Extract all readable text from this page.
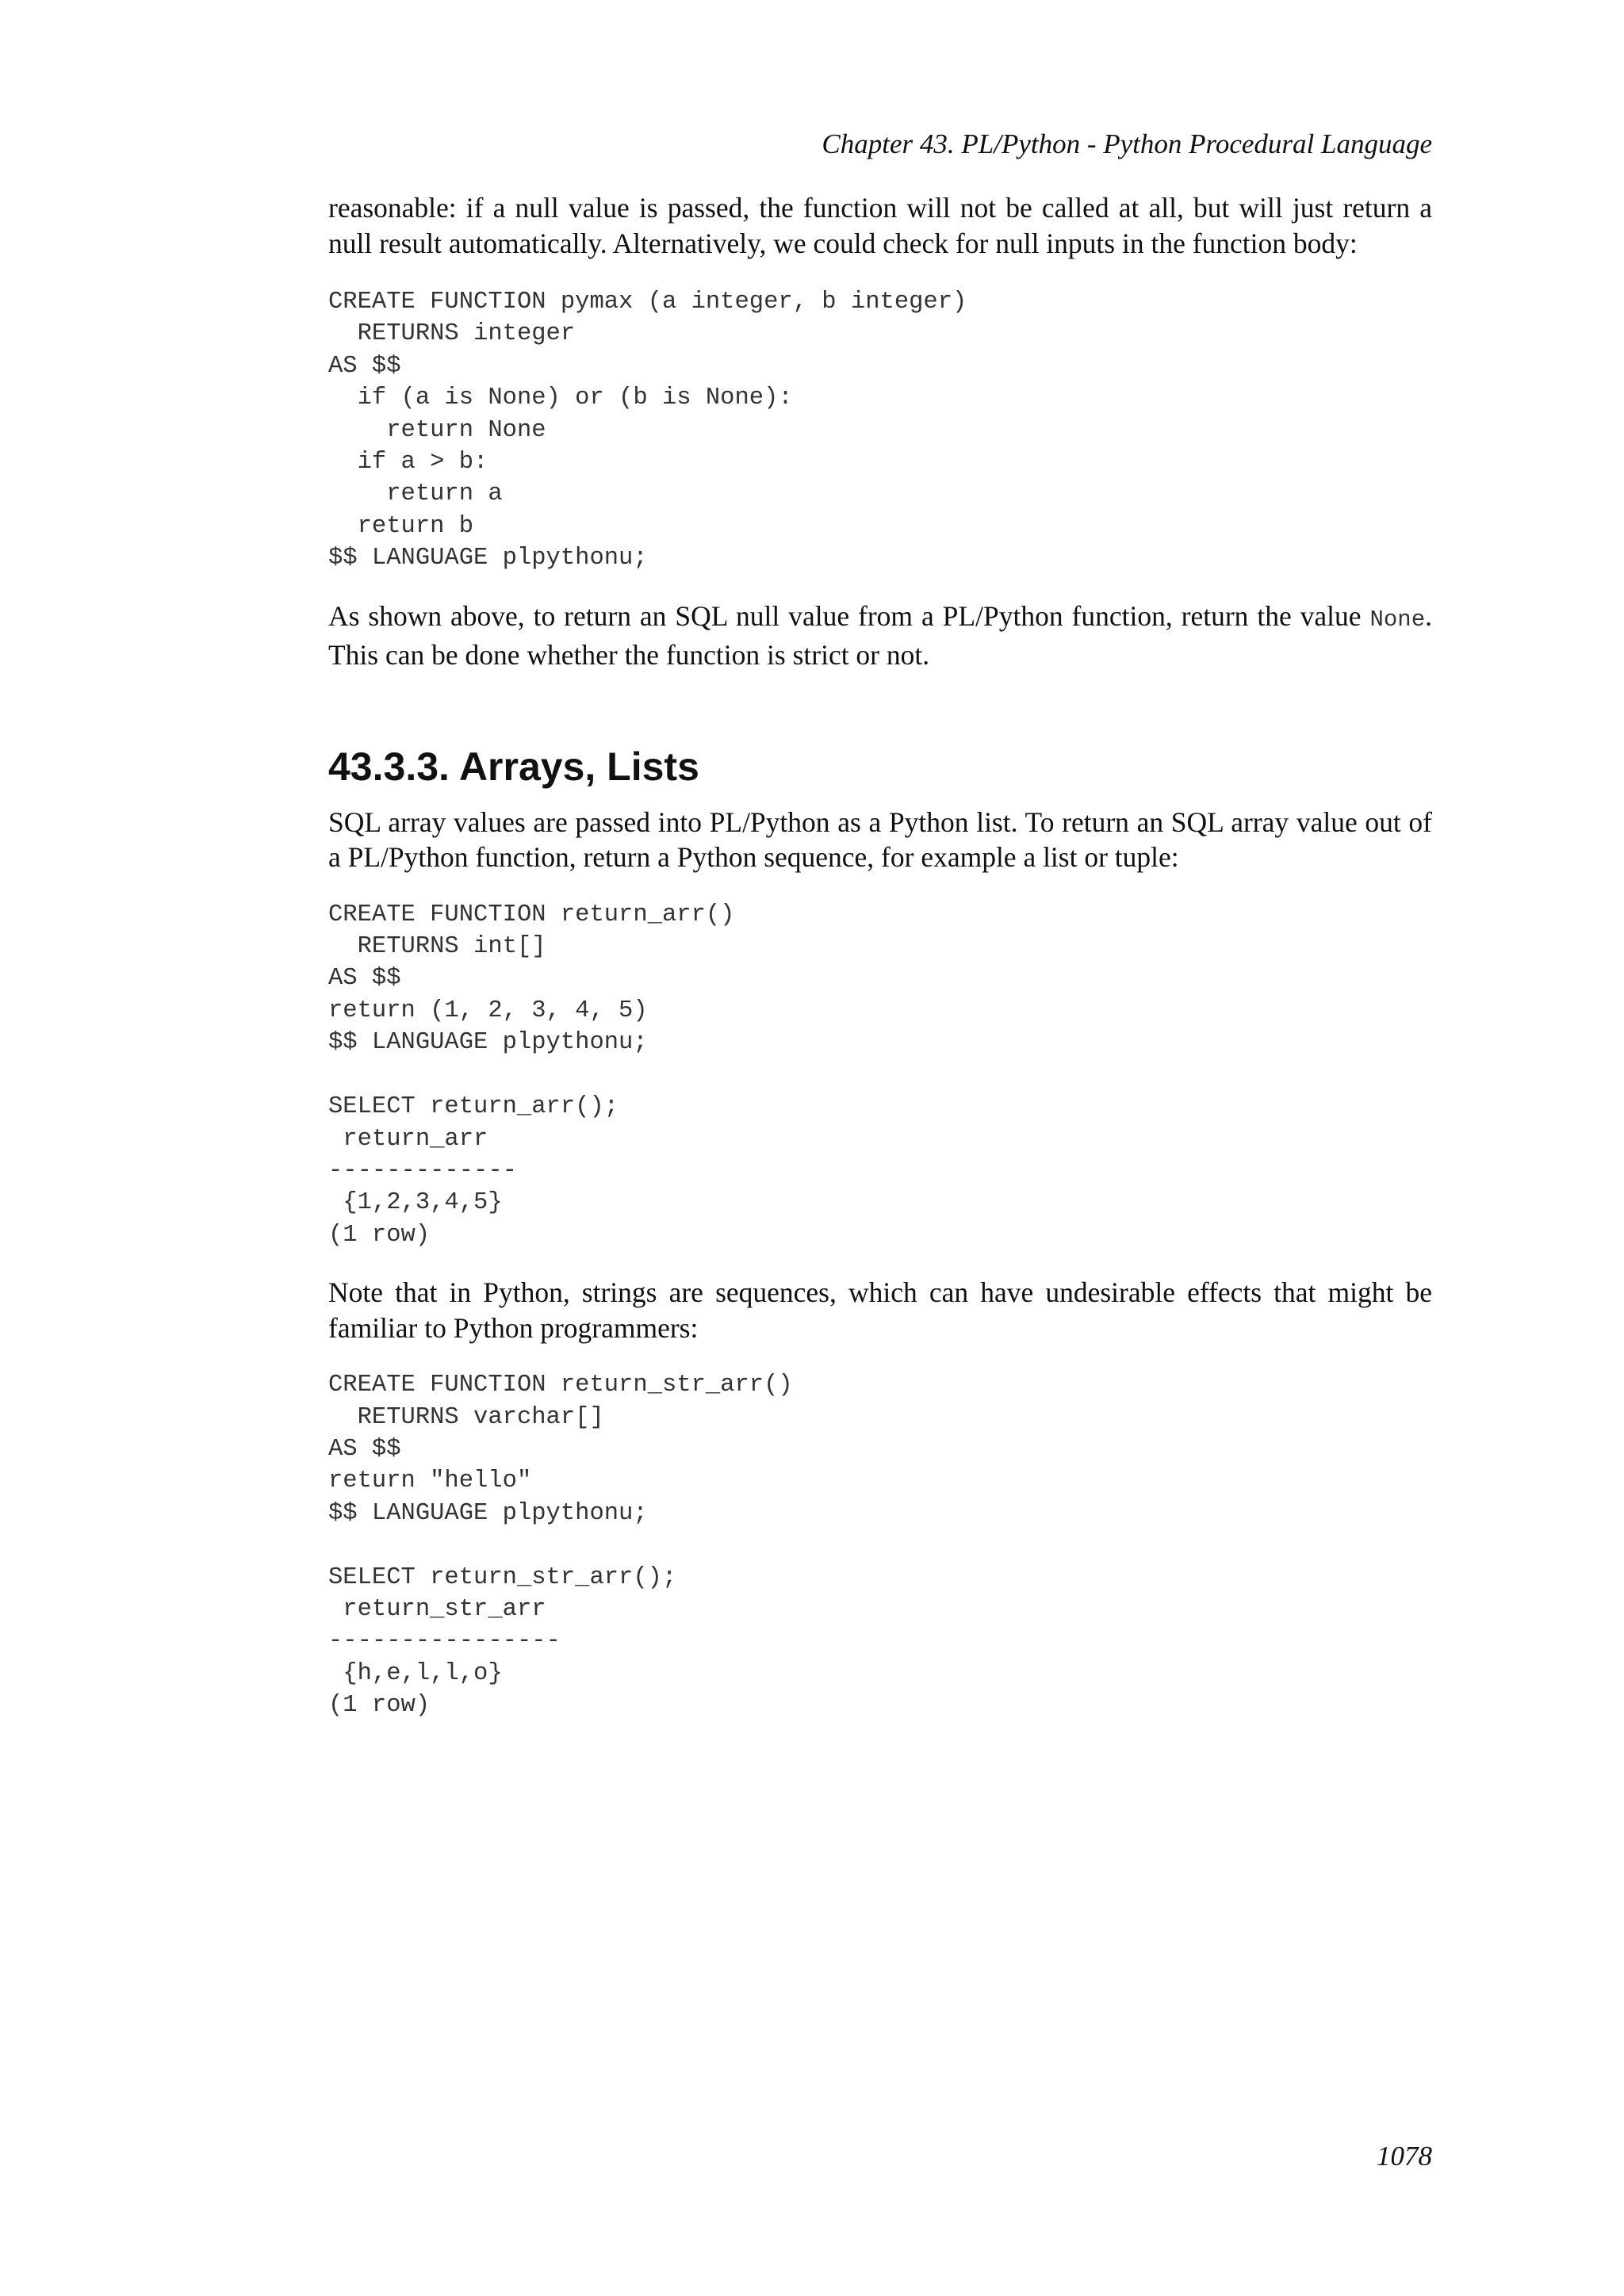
Chapter 43. PL/Python - Python Procedural Language

reasonable: if a null value is passed, the function will not be called at all, but will just return a null result automatically. Alternatively, we could check for null inputs in the function body:

CREATE FUNCTION pymax (a integer, b integer)
RETURNS integer
AS $$
if (a is None) or (b is None):
return None
if a > b:
return a
return b
$$ LANGUAGE plpythonu;

As shown above, to return an SQL null value from a PL/Python function, return the value None. This can be done whether the function is strict or not.

43.3.3. Arrays, Lists

SQL array values are passed into PL/Python as a Python list. To return an SQL array value out of a PL/Python function, return a Python sequence, for example a list or tuple:

CREATE FUNCTION return_arr()
RETURNS int[]
AS $$
return (1, 2, 3, 4, 5)
$$ LANGUAGE plpythonu;

SELECT return_arr();
return_arr
-------------
{1,2,3,4,5}
(1 row)

Note that in Python, strings are sequences, which can have undesirable effects that might be familiar to Python programmers:

CREATE FUNCTION return_str_arr()
RETURNS varchar[]
AS $$
return "hello"
$$ LANGUAGE plpythonu;

SELECT return_str_arr();
return_str_arr
----------------
{h,e,l,l,o}
(1 row)
1078
